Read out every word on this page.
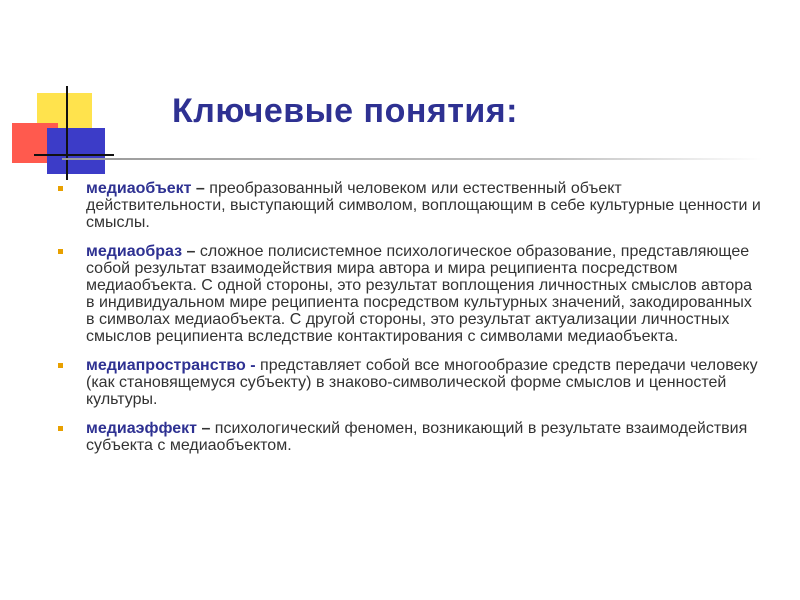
Ключевые понятия:
медиаобъект – преобразованный человеком или естественный объект действительности, выступающий символом, воплощающим в себе культурные ценности и смыслы.
медиаобраз – сложное полисистемное психологическое образование, представляющее собой результат взаимодействия мира автора и мира реципиента посредством медиаобъекта. С одной стороны, это результат воплощения личностных смыслов автора в индивидуальном мире реципиента посредством культурных значений, закодированных в символах медиаобъекта. С другой стороны, это результат актуализации личностных смыслов реципиента вследствие контактирования с символами медиаобъекта.
медиапространство - представляет собой все многообразие средств передачи человеку (как становящемуся субъекту) в знаково-символической форме смыслов и ценностей культуры.
медиаэффект – психологический феномен, возникающий в результате взаимодействия субъекта с медиаобъектом.
